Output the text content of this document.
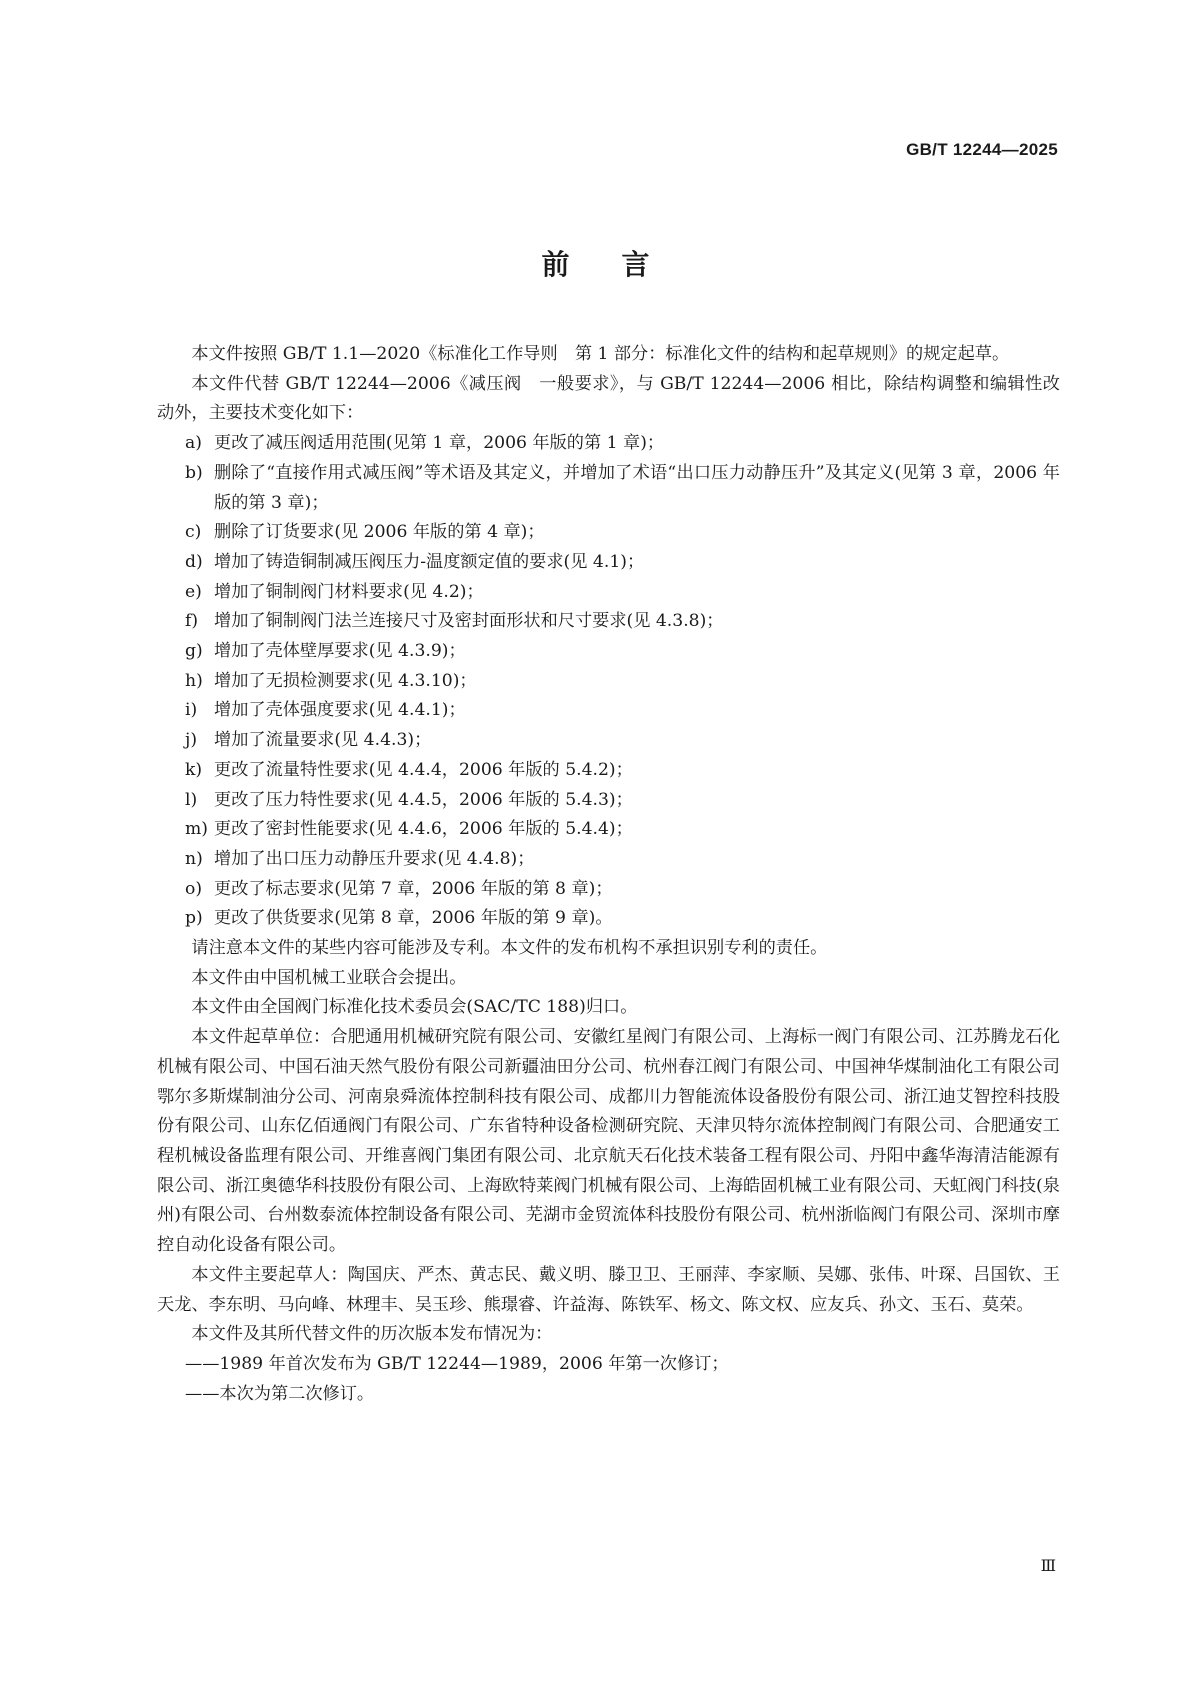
GB/T 12244—2025
前言

本文件按照 GB/T 1.1—2020《标准化工作导则　第 1 部分：标准化文件的结构和起草规则》的规定起草。

本文件代替 GB/T 12244—2006《减压阀　一般要求》，与 GB/T 12244—2006 相比，除结构调整和编辑性改动外，主要技术变化如下：

a) 更改了减压阀适用范围(见第 1 章，2006 年版的第 1 章)；

b) 删除了“直接作用式减压阀”等术语及其定义，并增加了术语“出口压力动静压升”及其定义(见第 3 章，2006 年版的第 3 章)；

c) 删除了订货要求(见 2006 年版的第 4 章)；

d) 增加了铸造铜制减压阀压力-温度额定值的要求(见 4.1)；

e) 增加了铜制阀门材料要求(见 4.2)；

f) 增加了铜制阀门法兰连接尺寸及密封面形状和尺寸要求(见 4.3.8)；

g) 增加了壳体壁厚要求(见 4.3.9)；

h) 增加了无损检测要求(见 4.3.10)；

i) 增加了壳体强度要求(见 4.4.1)；

j) 增加了流量要求(见 4.4.3)；

k) 更改了流量特性要求(见 4.4.4，2006 年版的 5.4.2)；

l) 更改了压力特性要求(见 4.4.5，2006 年版的 5.4.3)；

m) 更改了密封性能要求(见 4.4.6，2006 年版的 5.4.4)；

n) 增加了出口压力动静压升要求(见 4.4.8)；

o) 更改了标志要求(见第 7 章，2006 年版的第 8 章)；

p) 更改了供货要求(见第 8 章，2006 年版的第 9 章)。

请注意本文件的某些内容可能涉及专利。本文件的发布机构不承担识别专利的责任。

本文件由中国机械工业联合会提出。

本文件由全国阀门标准化技术委员会(SAC/TC 188)归口。

本文件起草单位：合肥通用机械研究院有限公司、安徽红星阀门有限公司、上海标一阀门有限公司、江苏腾龙石化机械有限公司、中国石油天然气股份有限公司新疆油田分公司、杭州春江阀门有限公司、中国神华煤制油化工有限公司鄂尔多斯煤制油分公司、河南泉舜流体控制科技有限公司、成都川力智能流体设备股份有限公司、浙江迪艾智控科技股份有限公司、山东亿佰通阀门有限公司、广东省特种设备检测研究院、天津贝特尔流体控制阀门有限公司、合肥通安工程机械设备监理有限公司、开维喜阀门集团有限公司、北京航天石化技术装备工程有限公司、丹阳中鑫华海清洁能源有限公司、浙江奥德华科技股份有限公司、上海欧特莱阀门机械有限公司、上海皓固机械工业有限公司、天虹阀门科技(泉州)有限公司、台州数泰流体控制设备有限公司、芜湖市金贸流体科技股份有限公司、杭州浙临阀门有限公司、深圳市摩控自动化设备有限公司。

本文件主要起草人：陶国庆、严杰、黄志民、戴义明、滕卫卫、王丽萍、李家顺、吴娜、张伟、叶琛、吕国钦、王天龙、李东明、马向峰、林理丰、吴玉珍、熊璟睿、许益海、陈铁军、杨文、陈文权、应友兵、孙文、玉石、莫荣。

本文件及其所代替文件的历次版本发布情况为：

——1989 年首次发布为 GB/T 12244—1989，2006 年第一次修订；

——本次为第二次修订。

Ⅲ
